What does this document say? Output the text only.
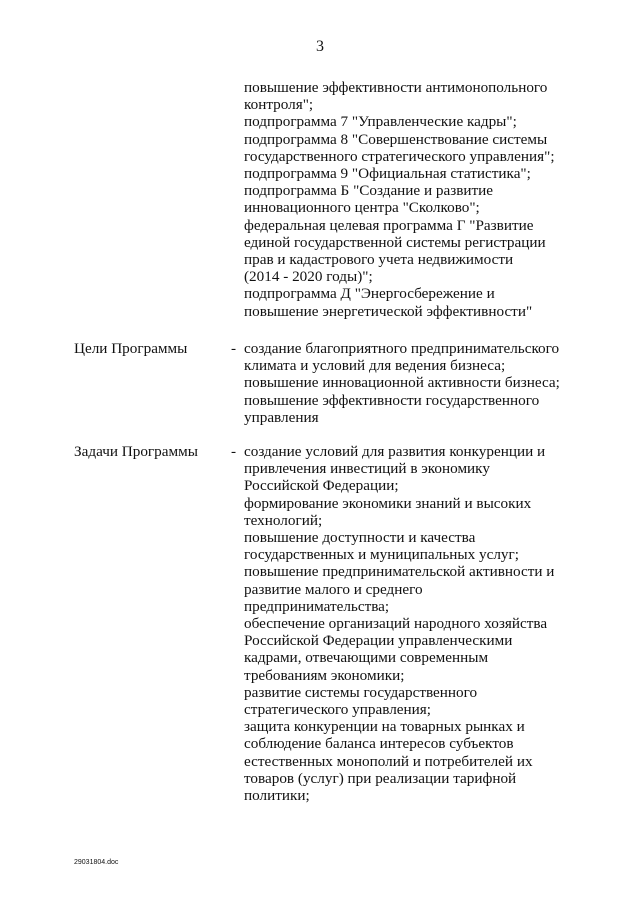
3
повышение эффективности антимонопольного
контроля";
подпрограмма 7 "Управленческие кадры";
подпрограмма 8 "Совершенствование системы
государственного стратегического управления";
подпрограмма 9 "Официальная статистика";
подпрограмма Б "Создание и развитие
инновационного центра "Сколково";
федеральная целевая программа Г "Развитие
единой государственной системы регистрации
прав и кадастрового учета недвижимости
(2014 - 2020 годы)";
подпрограмма Д "Энергосбережение и
повышение энергетической эффективности"
Цели Программы	- создание благоприятного предпринимательского
климата и условий для ведения бизнеса;
повышение инновационной активности бизнеса;
повышение эффективности государственного
управления
Задачи Программы - создание условий для развития конкуренции и
привлечения инвестиций в экономику
Российской Федерации;
формирование экономики знаний и высоких
технологий;
повышение доступности и качества
государственных и муниципальных услуг;
повышение предпринимательской активности и
развитие малого и среднего
предпринимательства;
обеспечение организаций народного хозяйства
Российской Федерации управленческими
кадрами, отвечающими современным
требованиям экономики;
развитие системы государственного
стратегического управления;
защита конкуренции на товарных рынках и
соблюдение баланса интересов субъектов
естественных монополий и потребителей их
товаров (услуг) при реализации тарифной
политики;
29031804.doc
